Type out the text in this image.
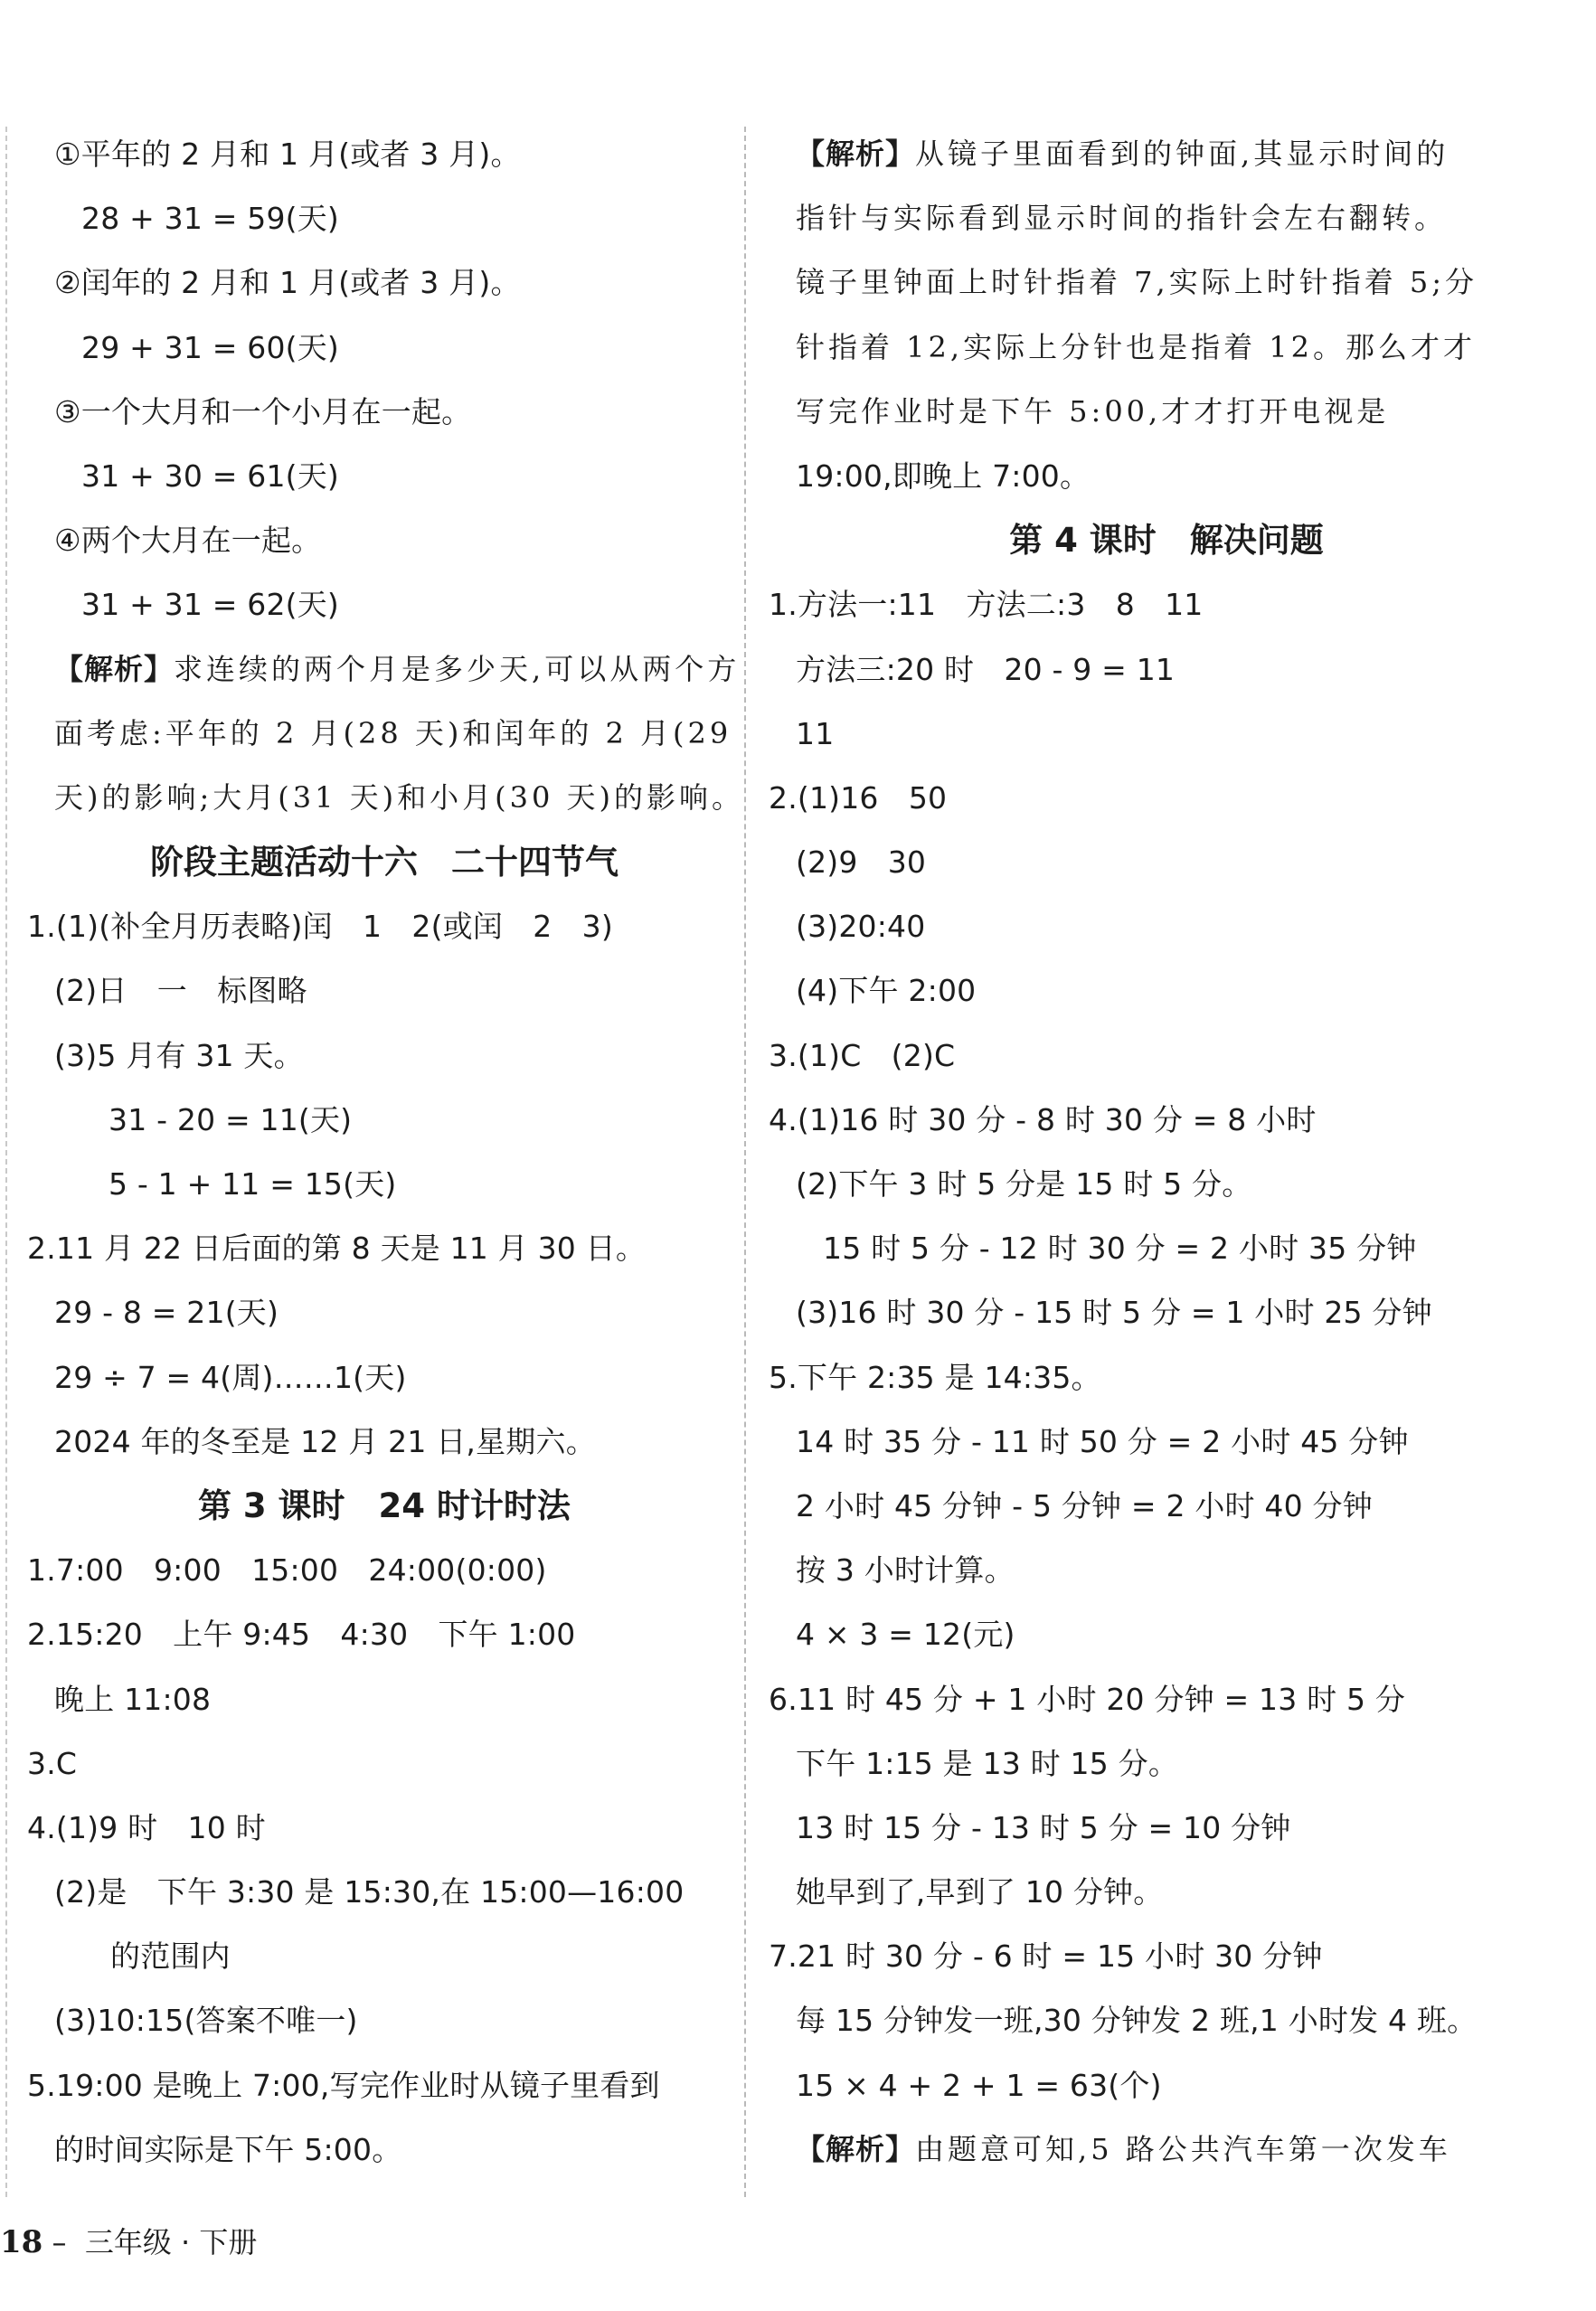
①平年的 2 月和 1 月(或者 3 月)。
28 + 31 = 59(天)
②闰年的 2 月和 1 月(或者 3 月)。
29 + 31 = 60(天)
③一个大月和一个小月在一起。
31 + 30 = 61(天)
④两个大月在一起。
31 + 31 = 62(天)
【解析】求连续的两个月是多少天,可以从两个方
面考虑:平年的 2 月(28 天)和闰年的 2 月(29
天)的影响;大月(31 天)和小月(30 天)的影响。
阶段主题活动十六　二十四节气
1.(1)(补全月历表略)闰　1　2(或闰　2　3)
(2)日　一　标图略
(3)5 月有 31 天。
31 - 20 = 11(天)
5 - 1 + 11 = 15(天)
2.11 月 22 日后面的第 8 天是 11 月 30 日。
29 - 8 = 21(天)
29 ÷ 7 = 4(周)……1(天)
2024 年的冬至是 12 月 21 日,星期六。
第 3 课时　24 时计时法
1.7:00　9:00　15:00　24:00(0:00)
2.15:20　上午 9:45　4:30　下午 1:00
晚上 11:08
3.C
4.(1)9 时　10 时
(2)是　下午 3:30 是 15:30,在 15:00—16:00
的范围内
(3)10:15(答案不唯一)
5.19:00 是晚上 7:00,写完作业时从镜子里看到
的时间实际是下午 5:00。
【解析】从镜子里面看到的钟面,其显示时间的
指针与实际看到显示时间的指针会左右翻转。
镜子里钟面上时针指着 7,实际上时针指着 5;分
针指着 12,实际上分针也是指着 12。那么才才
写完作业时是下午 5:00,才才打开电视是
19:00,即晚上 7:00。
第 4 课时　解决问题
1.方法一:11　方法二:3　8　11
方法三:20 时　20 - 9 = 11
11
2.(1)16　50
(2)9　30
(3)20:40
(4)下午 2:00
3.(1)C　(2)C
4.(1)16 时 30 分 - 8 时 30 分 = 8 小时
(2)下午 3 时 5 分是 15 时 5 分。
15 时 5 分 - 12 时 30 分 = 2 小时 35 分钟
(3)16 时 30 分 - 15 时 5 分 = 1 小时 25 分钟
5.下午 2:35 是 14:35。
14 时 35 分 - 11 时 50 分 = 2 小时 45 分钟
2 小时 45 分钟 - 5 分钟 = 2 小时 40 分钟
按 3 小时计算。
4 × 3 = 12(元)
6.11 时 45 分 + 1 小时 20 分钟 = 13 时 5 分
下午 1:15 是 13 时 15 分。
13 时 15 分 - 13 时 5 分 = 10 分钟
她早到了,早到了 10 分钟。
7.21 时 30 分 - 6 时 = 15 小时 30 分钟
每 15 分钟发一班,30 分钟发 2 班,1 小时发 4 班。
15 × 4 + 2 + 1 = 63(个)
【解析】由题意可知,5 路公共汽车第一次发车
18 –  三年级 · 下册
